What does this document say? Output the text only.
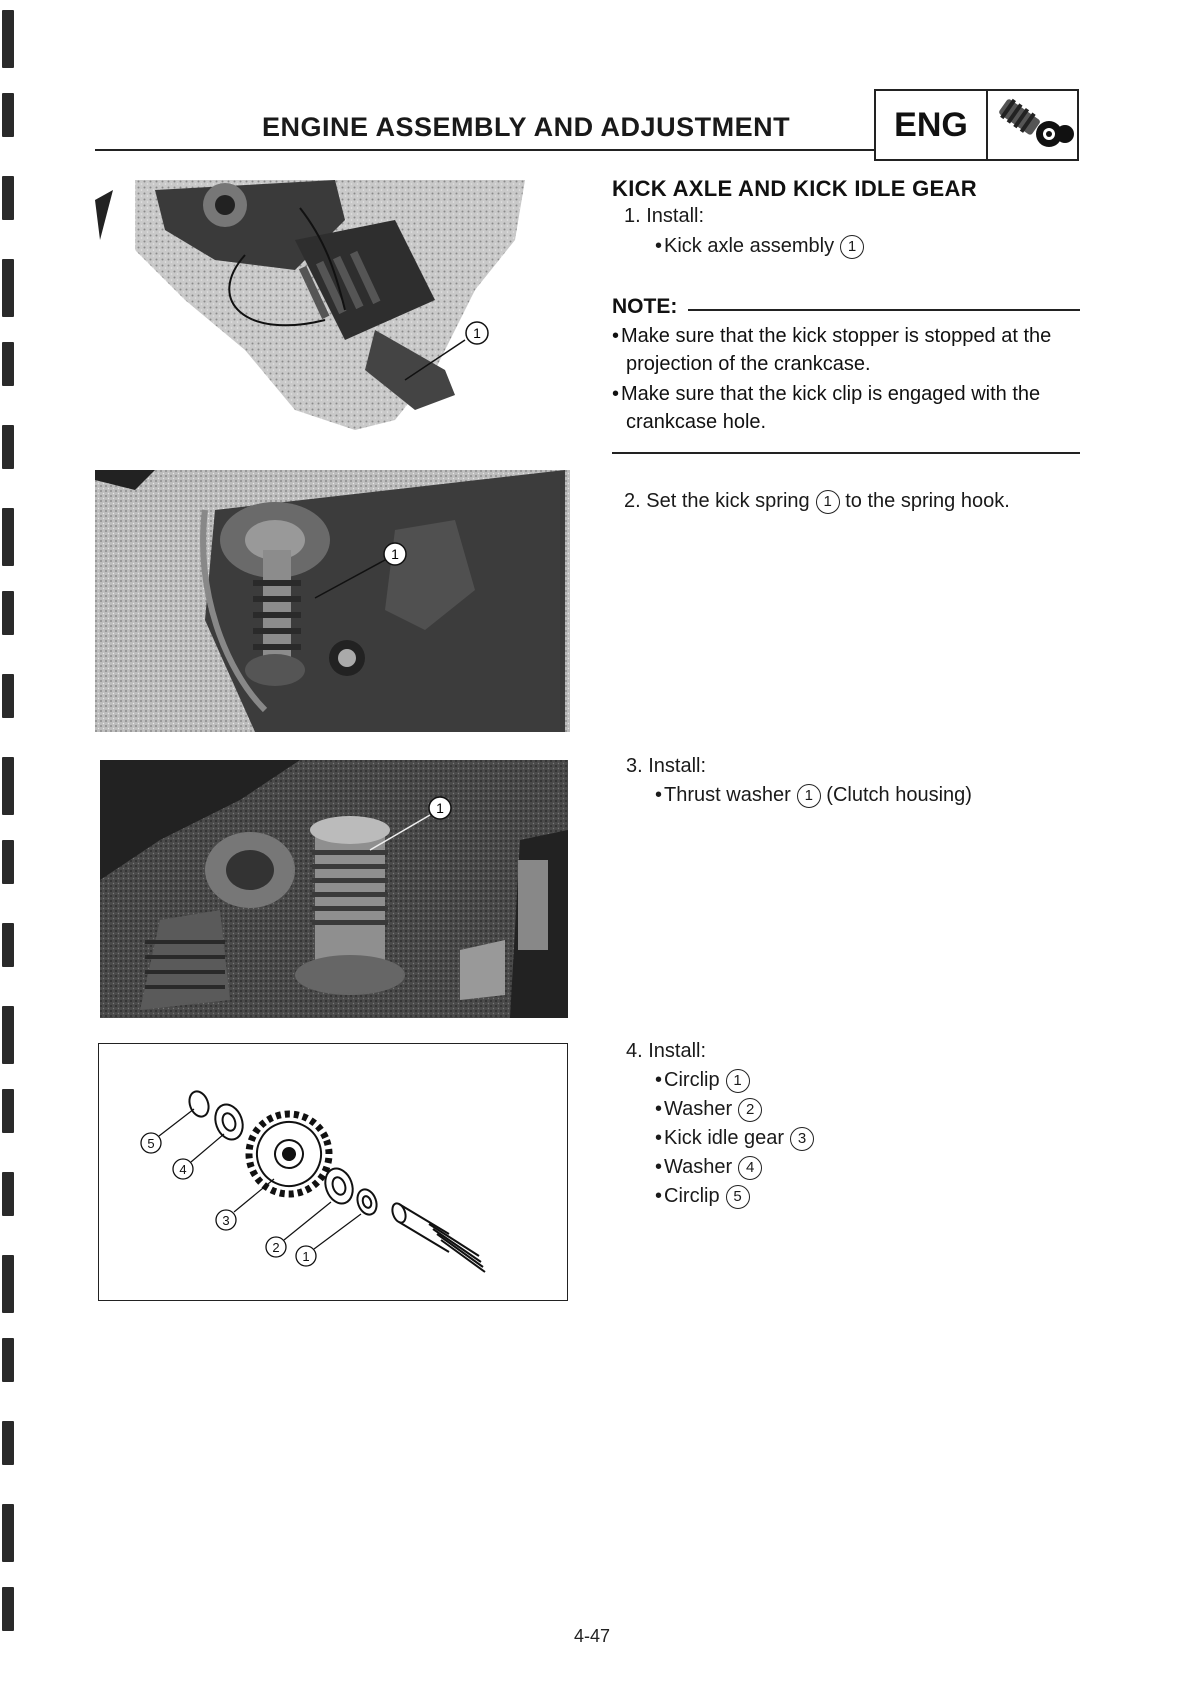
ENGINE ASSEMBLY AND ADJUSTMENT	ENG
1
1
1
5
4
3
2
1
KICK AXLE AND KICK IDLE GEAR
1. Install:
• Kick axle assembly 1
NOTE:
• Make sure that the kick stopper is stopped at the projection of the crankcase.
• Make sure that the kick clip is engaged with the crankcase hole.
2. Set the kick spring 1 to the spring hook.
3. Install:
• Thrust washer 1 (Clutch housing)
4. Install:
• Circlip 1
• Washer 2
• Kick idle gear 3
• Washer 4
• Circlip 5
4-47
